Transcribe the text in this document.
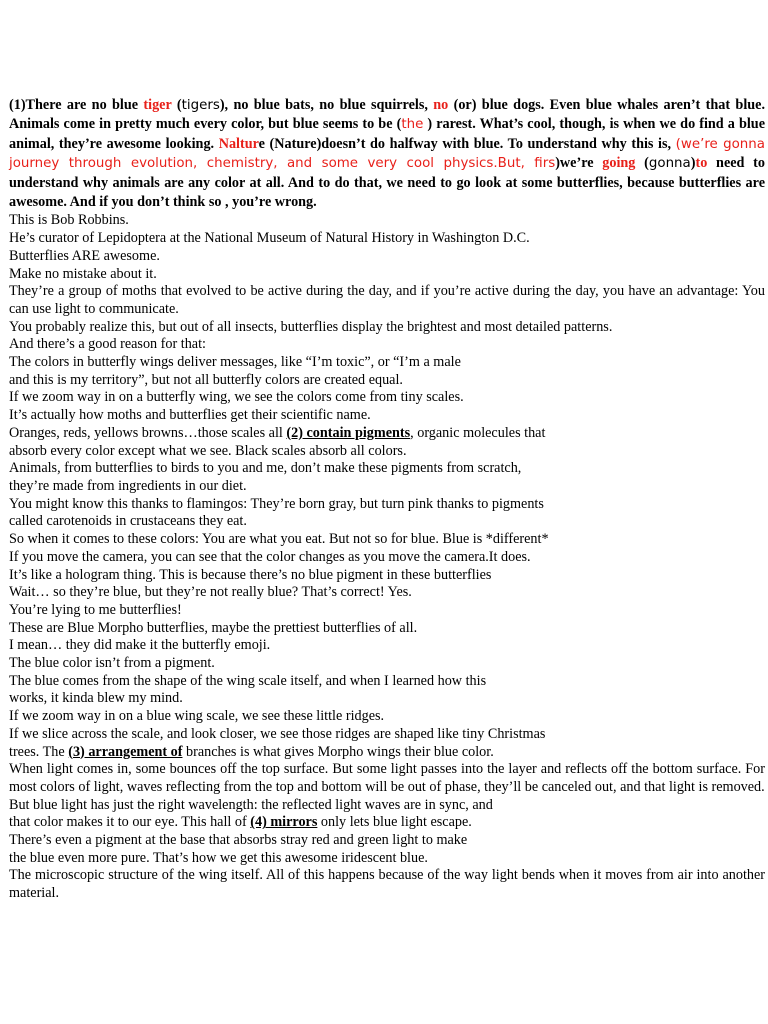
(1)There are no blue tiger (tigers), no blue bats, no blue squirrels, no (or) blue dogs. Even blue whales aren’t that blue. Animals come in pretty much every color, but blue seems to be (the ) rarest. What’s cool, though, is when we do find a blue animal, they’re awesome looking. Nalture (Nature)doesn’t do halfway with blue. To understand why this is, (we’re gonna journey through evolution, chemistry, and some very cool physics.But, firs)we’re going (gonna)to need to understand why animals are any color at all. And to do that, we need to go look at some butterflies, because butterflies are awesome. And if you don’t think so , you’re wrong.

This is Bob Robbins.

He’s curator of Lepidoptera at the National Museum of Natural History in Washington D.C.

Butterflies ARE awesome.

Make no mistake about it.

They’re a group of moths that evolved to be active during the day, and if you’re active during the day, you have an advantage: You can use light to communicate.

You probably realize this, but out of all insects, butterflies display the brightest and most detailed patterns.

And there’s a good reason for that:

The colors in butterfly wings deliver messages, like “I’m toxic”, or “I’m a male

and this is my territory”, but not all butterfly colors are created equal.

If we zoom way in on a butterfly wing, we see the colors come from tiny scales.

It’s actually how moths and butterflies get their scientific name.

Oranges, reds, yellows browns…those scales all (2) contain pigments, organic molecules that

absorb every color except what we see. Black scales absorb all colors.

Animals, from butterflies to birds to you and me, don’t make these pigments from scratch,

they’re made from ingredients in our diet.

You might know this thanks to flamingos: They’re born gray, but turn pink thanks to pigments

called carotenoids in crustaceans they eat.

So when it comes to these colors: You are what you eat. But not so for blue. Blue is *different*

If you move the camera, you can see that the color changes as you move the camera.It does.

It’s like a hologram thing. This is because there’s no blue pigment in these butterflies

Wait… so they’re blue, but they’re not really blue? That’s correct! Yes.

You’re lying to me butterflies!

These are Blue Morpho butterflies, maybe the prettiest butterflies of all.

I mean… they did make it the butterfly emoji.

The blue color isn’t from a pigment.

The blue comes from the shape of the wing scale itself, and when I learned how this

works, it kinda blew my mind.

If we zoom way in on a blue wing scale, we see these little ridges.

If we slice across the scale, and look closer, we see those ridges are shaped like tiny Christmas

trees. The (3) arrangement of branches is what gives Morpho wings their blue color.

When light comes in, some bounces off the top surface. But some light passes into the layer and reflects off the bottom surface. For most colors of light, waves reflecting from the top and bottom will be out of phase, they’ll be canceled out, and that light is removed.

But blue light has just the right wavelength: the reflected light waves are in sync, and

that color makes it to our eye. This hall of (4) mirrors only lets blue light escape.

There’s even a pigment at the base that absorbs stray red and green light to make

the blue even more pure. That’s how we get this awesome iridescent blue.

The microscopic structure of the wing itself. All of this happens because of the way light bends when it moves from air into another material.
